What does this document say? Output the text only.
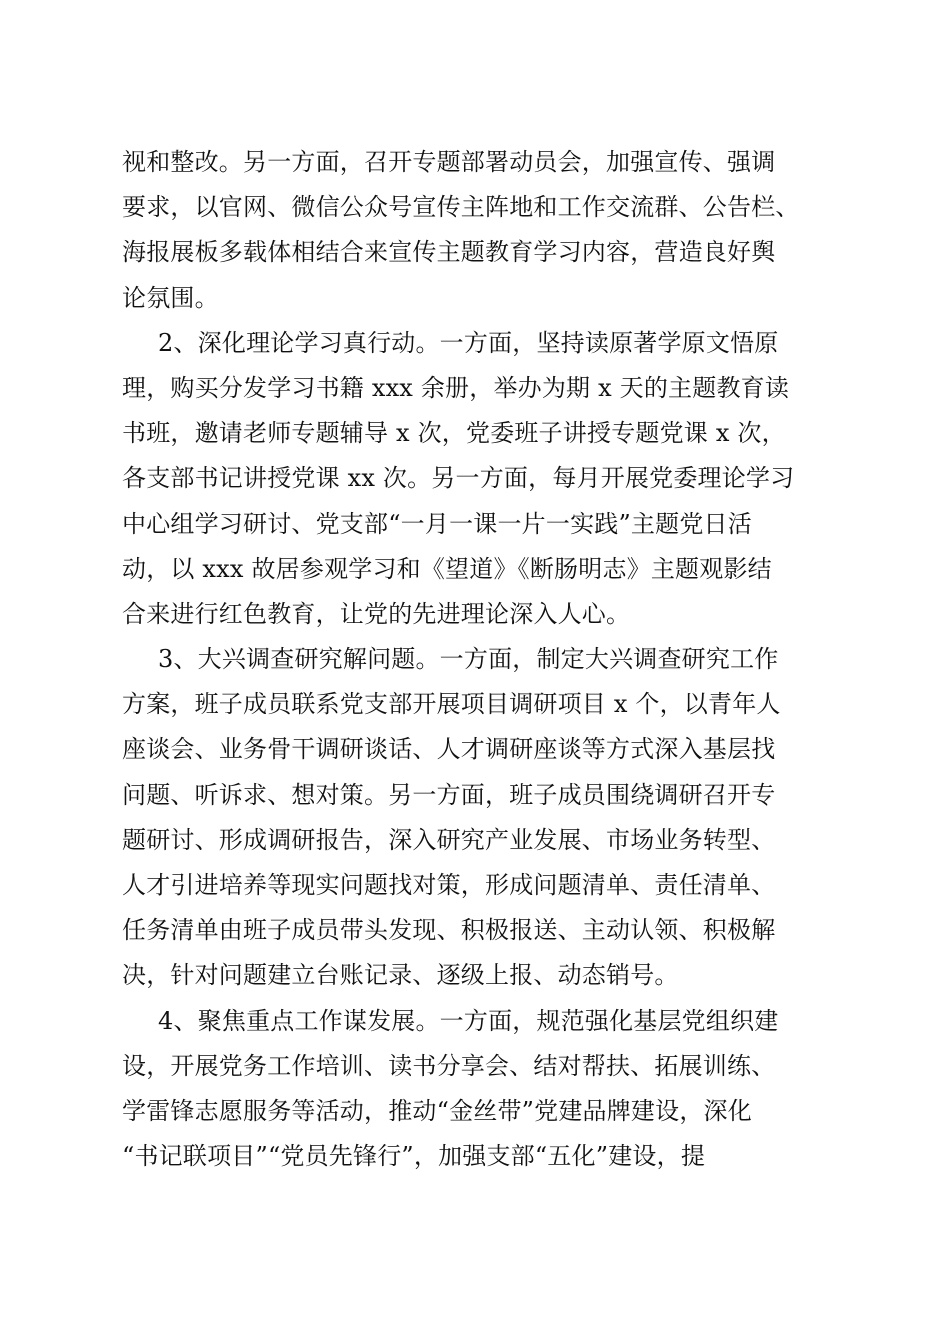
视和整改。另一方面，召开专题部署动员会，加强宣传、强调
要求，以官网、微信公众号宣传主阵地和工作交流群、公告栏、
海报展板多载体相结合来宣传主题教育学习内容，营造良好舆
论氛围。
2、深化理论学习真行动。一方面，坚持读原著学原文悟原
理，购买分发学习书籍 xxx 余册，举办为期 x 天的主题教育读
书班，邀请老师专题辅导 x 次，党委班子讲授专题党课 x 次，
各支部书记讲授党课 xx 次。另一方面，每月开展党委理论学习
中心组学习研讨、党支部“一月一课一片一实践”主题党日活
动，以 xxx 故居参观学习和《望道》《断肠明志》主题观影结
合来进行红色教育，让党的先进理论深入人心。
3、大兴调查研究解问题。一方面，制定大兴调查研究工作
方案，班子成员联系党支部开展项目调研项目 x 个，以青年人
座谈会、业务骨干调研谈话、人才调研座谈等方式深入基层找
问题、听诉求、想对策。另一方面，班子成员围绕调研召开专
题研讨、形成调研报告，深入研究产业发展、市场业务转型、
人才引进培养等现实问题找对策，形成问题清单、责任清单、
任务清单由班子成员带头发现、积极报送、主动认领、积极解
决，针对问题建立台账记录、逐级上报、动态销号。
4、聚焦重点工作谋发展。一方面，规范强化基层党组织建
设，开展党务工作培训、读书分享会、结对帮扶、拓展训练、
学雷锋志愿服务等活动，推动“金丝带”党建品牌建设，深化
“书记联项目”“党员先锋行”，加强支部“五化”建设，提
